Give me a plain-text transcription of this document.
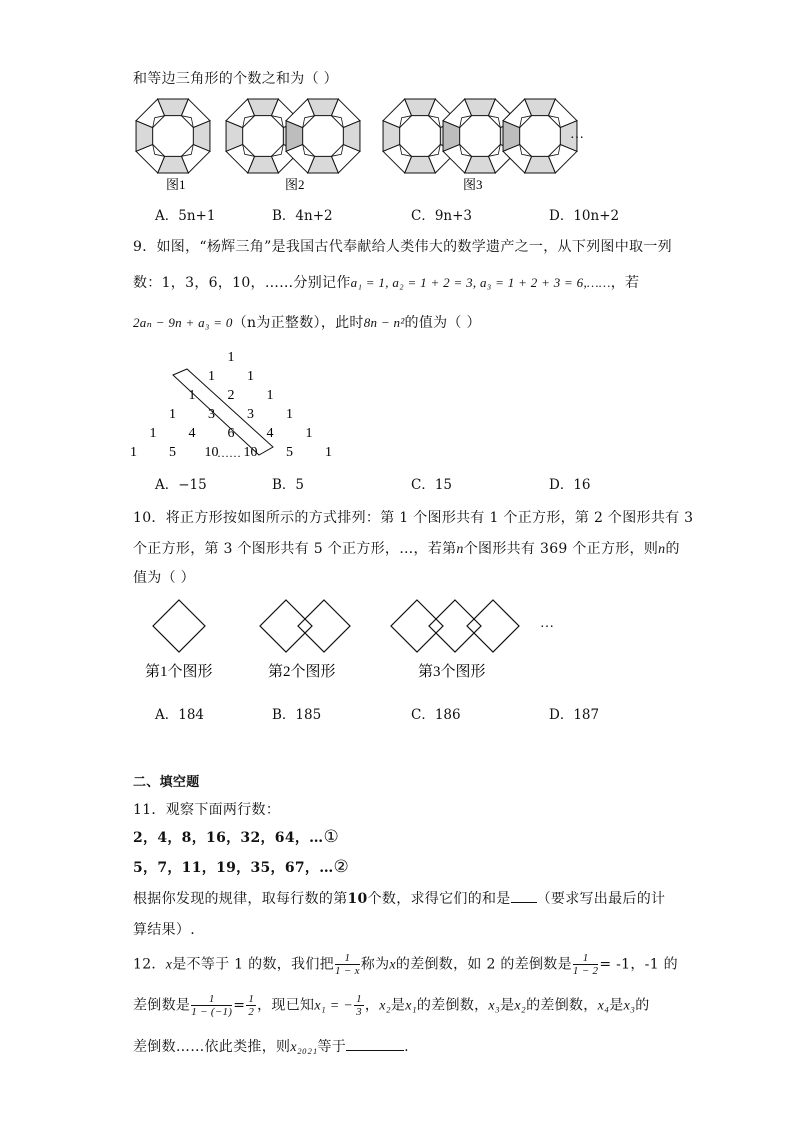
和等边三角形的个数之和为（ ）
图1	图2	图3
…
A．5n+1	B．4n+2	C．9n+3	D．10n+2
9．如图，“杨辉三角”是我国古代奉献给人类伟大的数学遗产之一，从下列图中取一列
数：1，3，6，10，……分别记作a₁ = 1, a₂ = 1 + 2 = 3, a₃ = 1 + 2 + 3 = 6,……，若
2aₙ − 9n + a₃ = 0（n为正整数），此时8n − n²的值为（ ）
1
1 1
1 2 1
1 3 3 1
1 4 6 4 1
1 5 10 10 5 1
……
A．−15	B．5	C．15	D．16
10．将正方形按如图所示的方式排列：第 1 个图形共有 1 个正方形，第 2 个图形共有 3
个正方形，第 3 个图形共有 5 个正方形，…，若第n个图形共有 369 个正方形，则n的
值为（ ）
…
第1个图形	第2个图形	第3个图形
A．184	B．185	C．186	D．187
二、填空题
11．观察下面两行数：
2，4，8，16，32，64，…①
5，7，11，19，35，67，…②
根据你发现的规律，取每行数的第10个数，求得它们的和是 （要求写出最后的计
算结果）.
12．x是不等于 1 的数，我们把 $\frac{1}{1 - x}$ 称为x的差倒数，如 2 的差倒数是 $\frac{1}{1 - 2} = -1$，-1 的
差倒数是 $\frac{1}{1 - (-1)} = \frac{1}{2}$ ，现已知x₁ = − $\frac{1}{3}$ ，x₂是x₁的差倒数，x₃是x₂的差倒数，x₄是x₃的
差倒数……依此类推，则x₂₀₂₁等于	.
